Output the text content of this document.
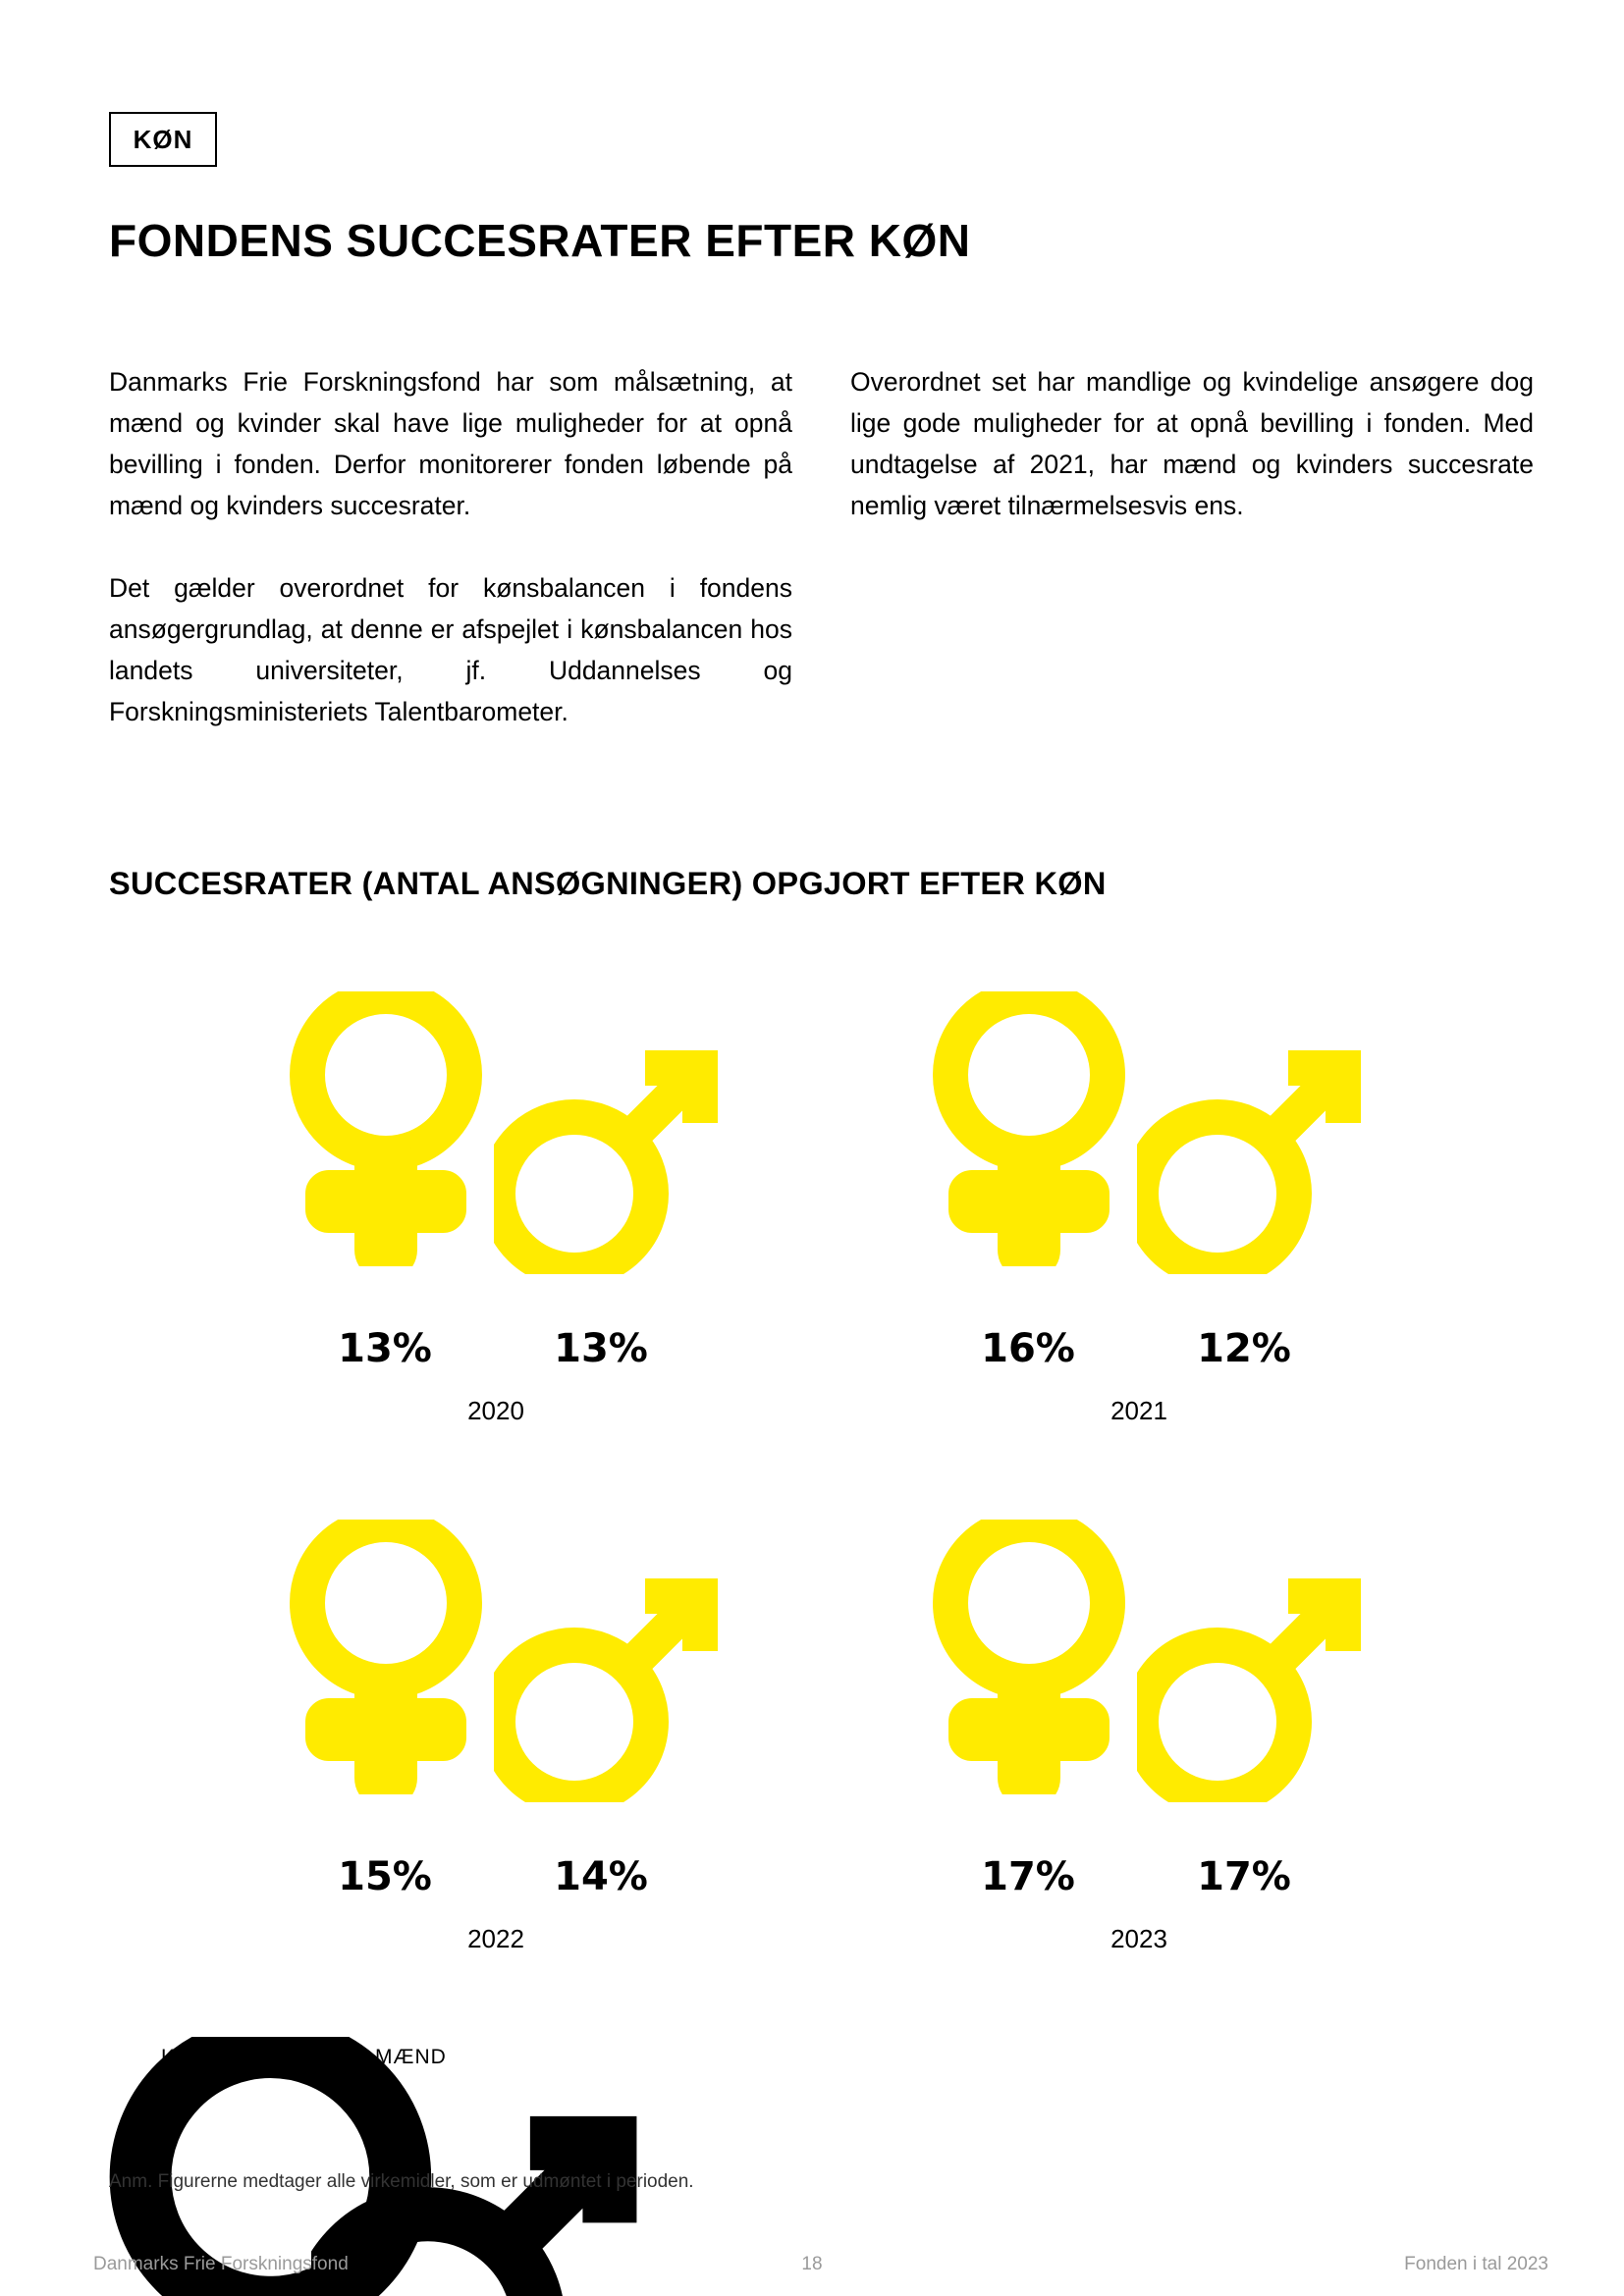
KØN
FONDENS SUCCESRATER EFTER KØN

Danmarks Frie Forskningsfond har som målsætning, at mænd og kvinder skal have lige muligheder for at opnå bevilling i fonden. Derfor monitorerer fonden løbende på mænd og kvinders succesrater.

Det gælder overordnet for kønsbalancen i fondens ansøgergrundlag, at denne er afspejlet i kønsbalancen hos landets universiteter, jf. Uddannelses og Forskningsministeriets Talentbarometer.

Overordnet set har mandlige og kvindelige ansøgere dog lige gode muligheder for at opnå bevilling i fonden. Med undtagelse af 2021, har mænd og kvinders succesrate nemlig været tilnærmelsesvis ens.

SUCCESRATER (ANTAL ANSØGNINGER) OPGJORT EFTER KØN
13%	13%
2020
16%	12%
2021
15%	14%
2022
17%	17%
2023
KVINDER	MÆND
Anm. Figurerne medtager alle virkemidler, som er udmøntet i perioden.
Danmarks Frie Forskningsfond	18	Fonden i tal 2023
